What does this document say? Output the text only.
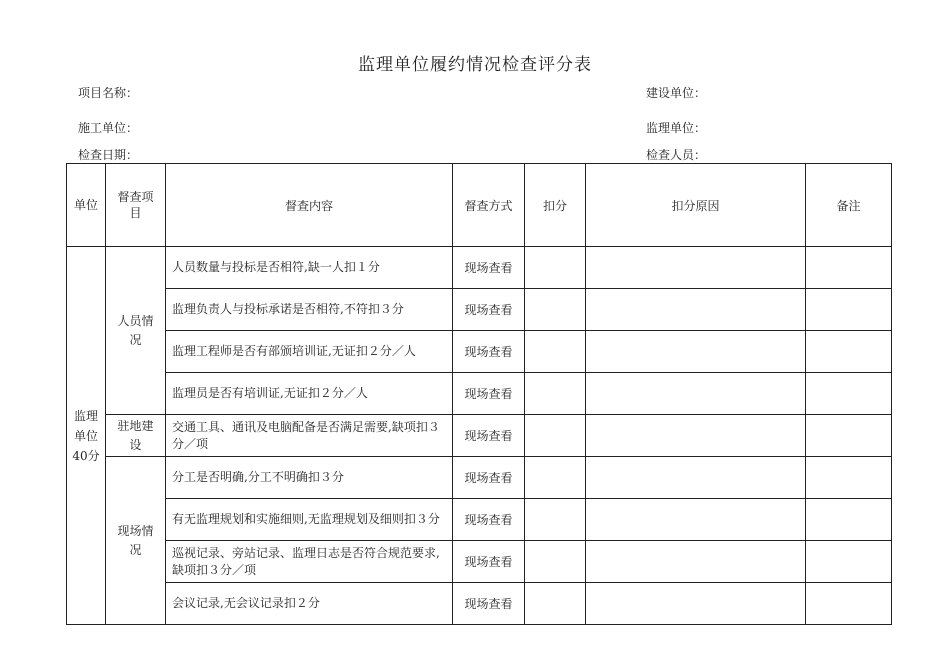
监理单位履约情况检查评分表
项目名称：	建设单位：
施工单位：	监理单位：
检查日期：	检查人员：
单位	督查项目	督查内容	督查方式	扣分	扣分原因	备注
监理单位40分	人员情况	人员数量与投标是否相符,缺一人扣１分	现场查看			
		监理负责人与投标承诺是否相符,不符扣３分	现场查看			
		监理工程师是否有部颁培训证,无证扣２分／人	现场查看			
		监理员是否有培训证,无证扣２分／人	现场查看			
	驻地建设	交通工具、通讯及电脑配备是否满足需要,缺项扣３分／项	现场查看			
	现场情况	分工是否明确,分工不明确扣３分	现场查看			
		有无监理规划和实施细则,无监理规划及细则扣３分	现场查看			
		巡视记录、旁站记录、监理日志是否符合规范要求,缺项扣３分／项	现场查看			
		会议记录,无会议记录扣２分	现场查看			
